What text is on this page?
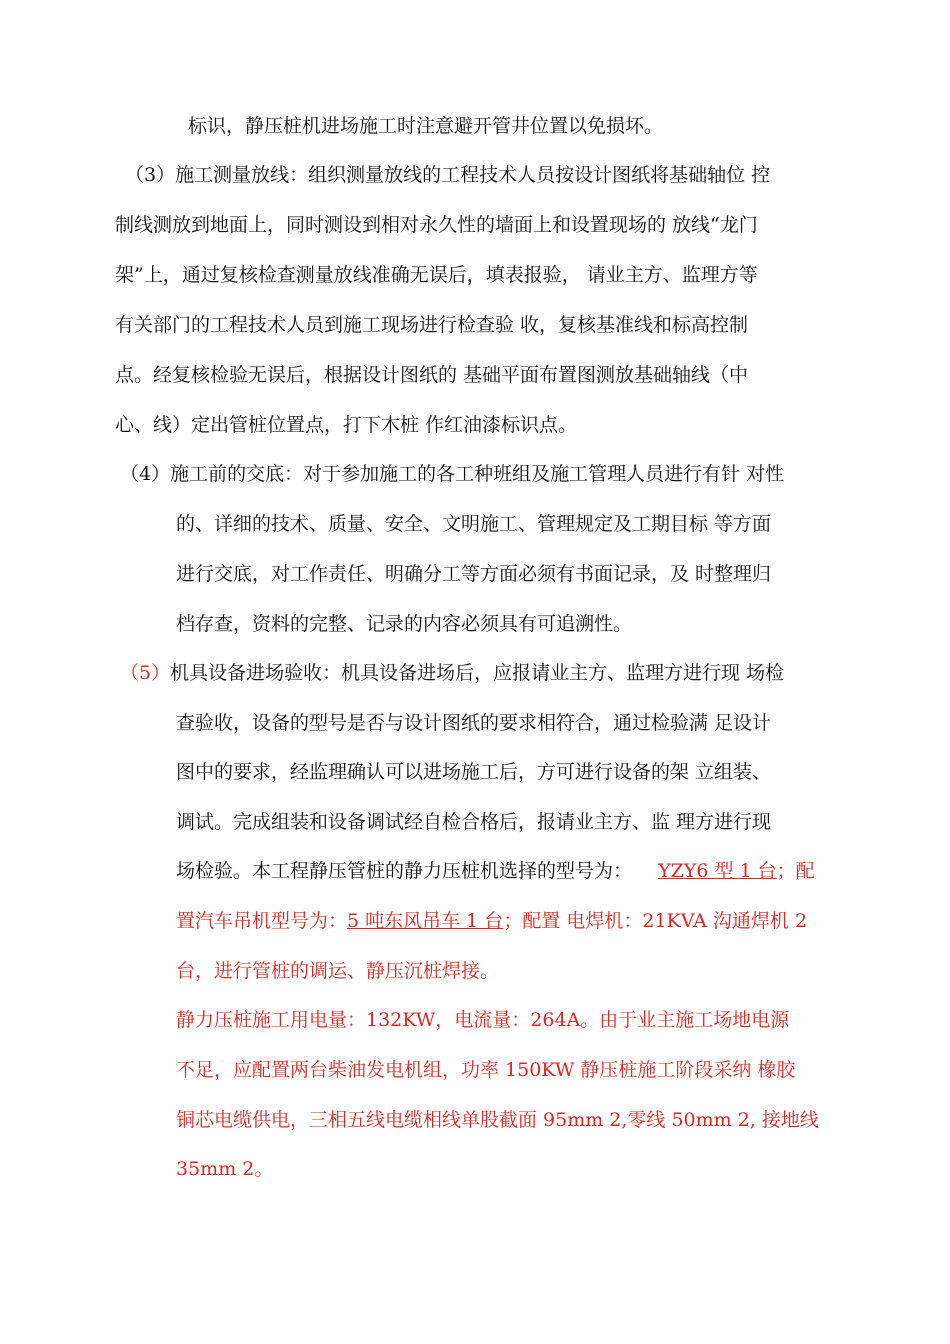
标识，静压桩机进场施工时注意避开管井位置以免损坏。
（3）施工测量放线：组织测量放线的工程技术人员按设计图纸将基础轴位 控
制线测放到地面上，同时测设到相对永久性的墙面上和设置现场的 放线“龙门
架”上，通过复核检查测量放线准确无误后，填表报验， 请业主方、监理方等
有关部门的工程技术人员到施工现场进行检查验 收，复核基准线和标高控制
点。经复核检验无误后，根据设计图纸的 基础平面布置图测放基础轴线（中
心、线）定出管桩位置点，打下木桩 作红油漆标识点。
（4）施工前的交底：对于参加施工的各工种班组及施工管理人员进行有针 对性
的、详细的技术、质量、安全、文明施工、管理规定及工期目标 等方面
进行交底，对工作责任、明确分工等方面必须有书面记录，及 时整理归
档存查，资料的完整、记录的内容必须具有可追溯性。
（5）机具设备进场验收：机具设备进场后，应报请业主方、监理方进行现 场检
查验收，设备的型号是否与设计图纸的要求相符合，通过检验满 足设计
图中的要求，经监理确认可以进场施工后，方可进行设备的架 立组装、
调试。完成组装和设备调试经自检合格后，报请业主方、监 理方进行现
场检验。本工程静压管桩的静力压桩机选择的型号为： YZY6 型 1 台；配
置汽车吊机型号为：5 吨东风吊车 1 台；配置 电焊机：21KVA 沟通焊机 2
台，进行管桩的调运、静压沉桩焊接。
静力压桩施工用电量：132KW，电流量：264A。由于业主施工场地电源
不足，应配置两台柴油发电机组，功率 150KW 静压桩施工阶段采纳 橡胶
铜芯电缆供电，三相五线电缆相线单股截面 95mm 2,零线 50mm 2, 接地线
35mm 2。
